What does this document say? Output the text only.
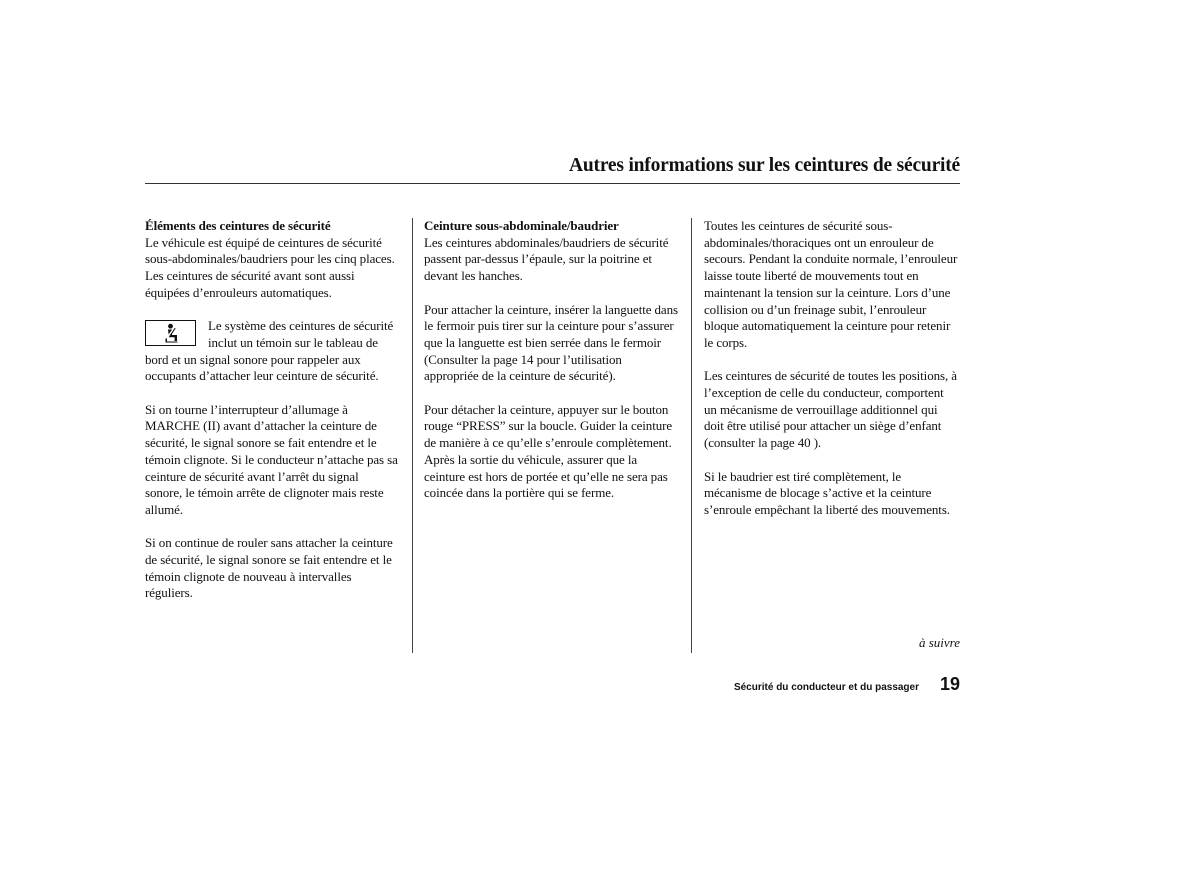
Autres informations sur les ceintures de sécurité

Éléments des ceintures de sécurité
Le véhicule est équipé de ceintures de sécurité sous-abdominales/baudriers pour les cinq places. Les ceintures de sécurité avant sont aussi équipées d’enrouleurs automatiques.

Le système des ceintures de sécurité inclut un témoin sur le tableau de bord et un signal sonore pour rappeler aux occupants d’attacher leur ceinture de sécurité.

Si on tourne l’interrupteur d’allumage à MARCHE (II) avant d’attacher la ceinture de sécurité, le signal sonore se fait entendre et le témoin clignote. Si le conducteur n’attache pas sa ceinture de sécurité avant l’arrêt du signal sonore, le témoin arrête de clignoter mais reste allumé.

Si on continue de rouler sans attacher la ceinture de sécurité, le signal sonore se fait entendre et le témoin clignote de nouveau à intervalles réguliers.

Ceinture sous-abdominale/baudrier
Les ceintures abdominales/baudriers de sécurité passent par-dessus l’épaule, sur la poitrine et devant les hanches.

Pour attacher la ceinture, insérer la languette dans le fermoir puis tirer sur la ceinture pour s’assurer que la languette est bien serrée dans le fermoir (Consulter la page 14 pour l’utilisation appropriée de la ceinture de sécurité).

Pour détacher la ceinture, appuyer sur le bouton rouge “PRESS” sur la boucle. Guider la ceinture de manière à ce qu’elle s’enroule complètement. Après la sortie du véhicule, assurer que la ceinture est hors de portée et qu’elle ne sera pas coincée dans la portière qui se ferme.

Toutes les ceintures de sécurité sous-abdominales/thoraciques ont un enrouleur de secours. Pendant la conduite normale, l’enrouleur laisse toute liberté de mouvements tout en maintenant la tension sur la ceinture. Lors d’une collision ou d’un freinage subit, l’enrouleur bloque automatiquement la ceinture pour retenir le corps.

Les ceintures de sécurité de toutes les positions, à l’exception de celle du conducteur, comportent un mécanisme de verrouillage additionnel qui doit être utilisé pour attacher un siège d’enfant (consulter la page 40 ).

Si le baudrier est tiré complètement, le mécanisme de blocage s’active et la ceinture s’enroule empêchant la liberté des mouvements.

à suivre
Sécurité du conducteur et du passager 19
